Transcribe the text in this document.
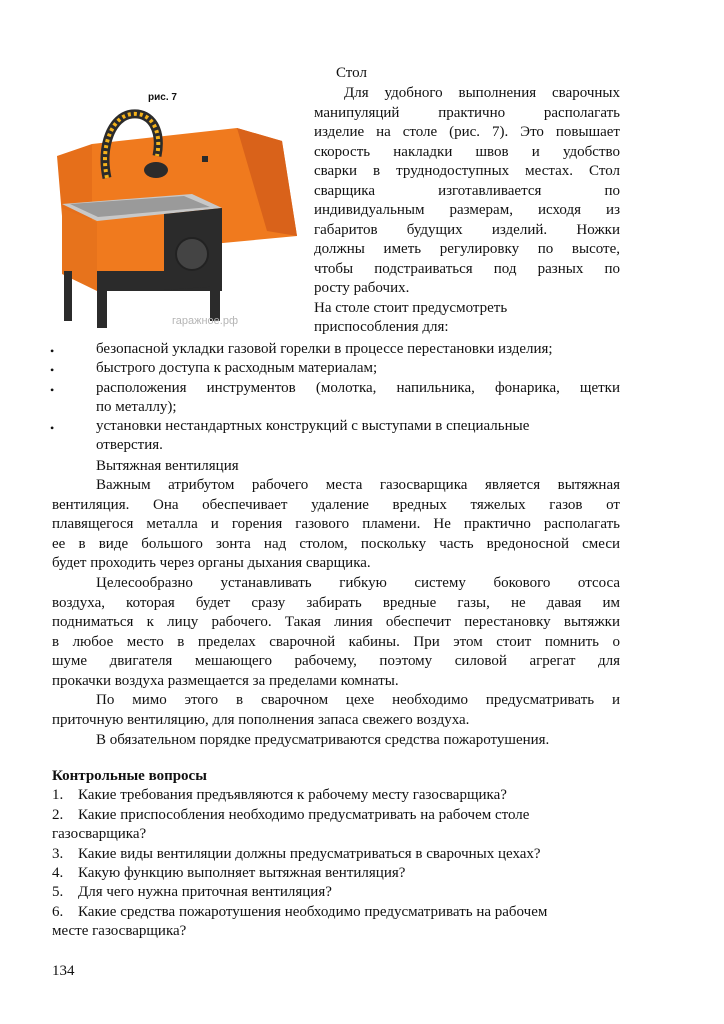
гаражное.рф
рис. 7
Стол
Для удобного выполнения сварочных
манипуляций практично располагать
изделие на столе (рис. 7). Это повышает
скорость накладки швов и удобство
сварки в труднодоступных местах. Стол
сварщика изготавливается по
индивидуальным размерам, исходя из
габаритов будущих изделий. Ножки
должны иметь регулировку по высоте,
чтобы подстраиваться под разных по
росту рабочих.
На столе стоит предусмотреть
приспособления для:
•	безопасной укладки газовой горелки в процессе перестановки изделия;
•	быстрого доступа к расходным материалам;
•	расположения инструментов (молотка, напильника, фонарика, щетки
по металлу);
•	установки нестандартных конструкций с выступами в специальные
отверстия.
Вытяжная вентиляция
Важным атрибутом рабочего места газосварщика является вытяжная
вентиляция. Она обеспечивает удаление вредных тяжелых газов от
плавящегося металла и горения газового пламени. Не практично располагать
ее в виде большого зонта над столом, поскольку часть вредоносной смеси
будет проходить через органы дыхания сварщика.
Целесообразно устанавливать гибкую систему бокового отсоса
воздуха, которая будет сразу забирать вредные газы, не давая им
подниматься к лицу рабочего. Такая линия обеспечит перестановку вытяжки
в любое место в пределах сварочной кабины. При этом стоит помнить о
шуме двигателя мешающего рабочему, поэтому силовой агрегат для
прокачки воздуха размещается за пределами комнаты.
По мимо этого в сварочном цехе необходимо предусматривать и
приточную вентиляцию, для пополнения запаса свежего воздуха.
В обязательном порядке предусматриваются средства пожаротушения.
Контрольные вопросы
1. Какие требования предъявляются к рабочему месту газосварщика?
2. Какие приспособления необходимо предусматривать на рабочем столе
газосварщика?
3. Какие виды вентиляции должны предусматриваться в сварочных цехах?
4. Какую функцию выполняет вытяжная вентиляция?
5. Для чего нужна приточная вентиляция?
6. Какие средства пожаротушения необходимо предусматривать на рабочем
месте газосварщика?
134
